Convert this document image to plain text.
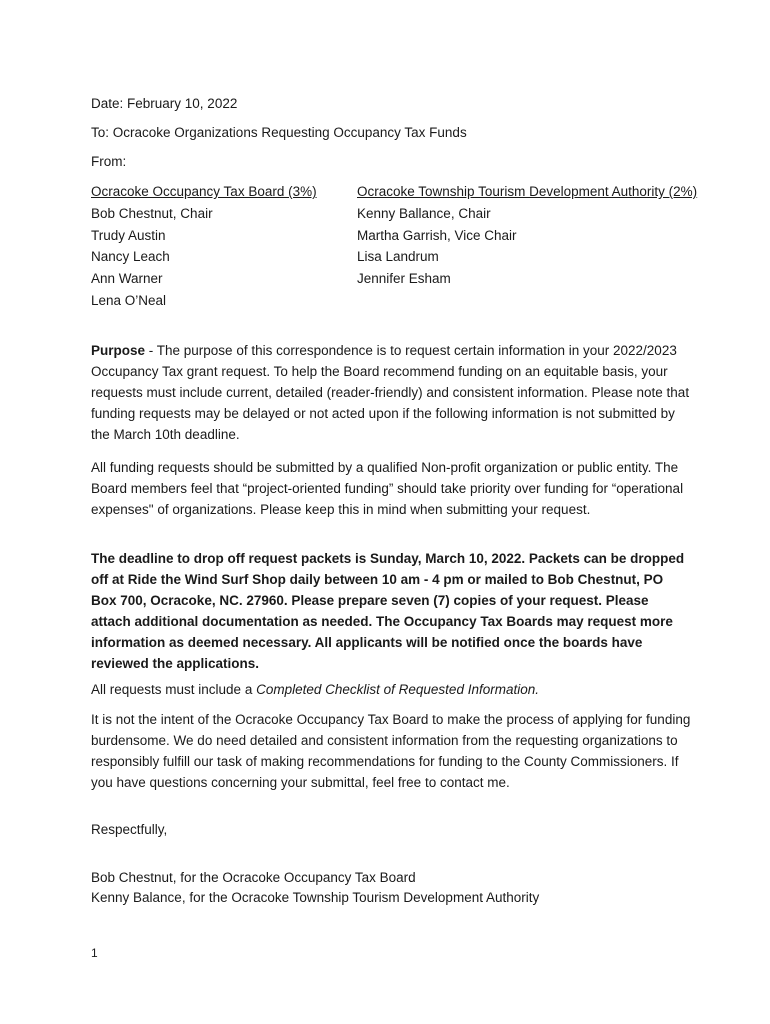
Date: February 10, 2022
To: Ocracoke Organizations Requesting Occupancy Tax Funds
From:
Ocracoke Occupancy Tax Board (3%)
Bob Chestnut, Chair
Trudy Austin
Nancy Leach
Ann Warner
Lena O’Neal
Ocracoke Township Tourism Development Authority (2%)
Kenny Ballance, Chair
Martha Garrish, Vice Chair
Lisa Landrum
Jennifer Esham

Purpose - The purpose of this correspondence is to request certain information in your 2022/2023 Occupancy Tax grant request. To help the Board recommend funding on an equitable basis, your requests must include current, detailed (reader-friendly) and consistent information. Please note that funding requests may be delayed or not acted upon if the following information is not submitted by the March 10th deadline.

All funding requests should be submitted by a qualified Non-profit organization or public entity. The Board members feel that “project-oriented funding” should take priority over funding for “operational expenses" of organizations. Please keep this in mind when submitting your request.

The deadline to drop off request packets is Sunday, March 10, 2022. Packets can be dropped off at Ride the Wind Surf Shop daily between 10 am - 4 pm or mailed to Bob Chestnut, PO Box 700, Ocracoke, NC. 27960. Please prepare seven (7) copies of your request. Please attach additional documentation as needed. The Occupancy Tax Boards may request more information as deemed necessary. All applicants will be notified once the boards have reviewed the applications.

All requests must include a Completed Checklist of Requested Information.

It is not the intent of the Ocracoke Occupancy Tax Board to make the process of applying for funding burdensome. We do need detailed and consistent information from the requesting organizations to responsibly fulfill our task of making recommendations for funding to the County Commissioners. If you have questions concerning your submittal, feel free to contact me.

Respectfully,
Bob Chestnut, for the Ocracoke Occupancy Tax Board
Kenny Balance, for the Ocracoke Township Tourism Development Authority
1
